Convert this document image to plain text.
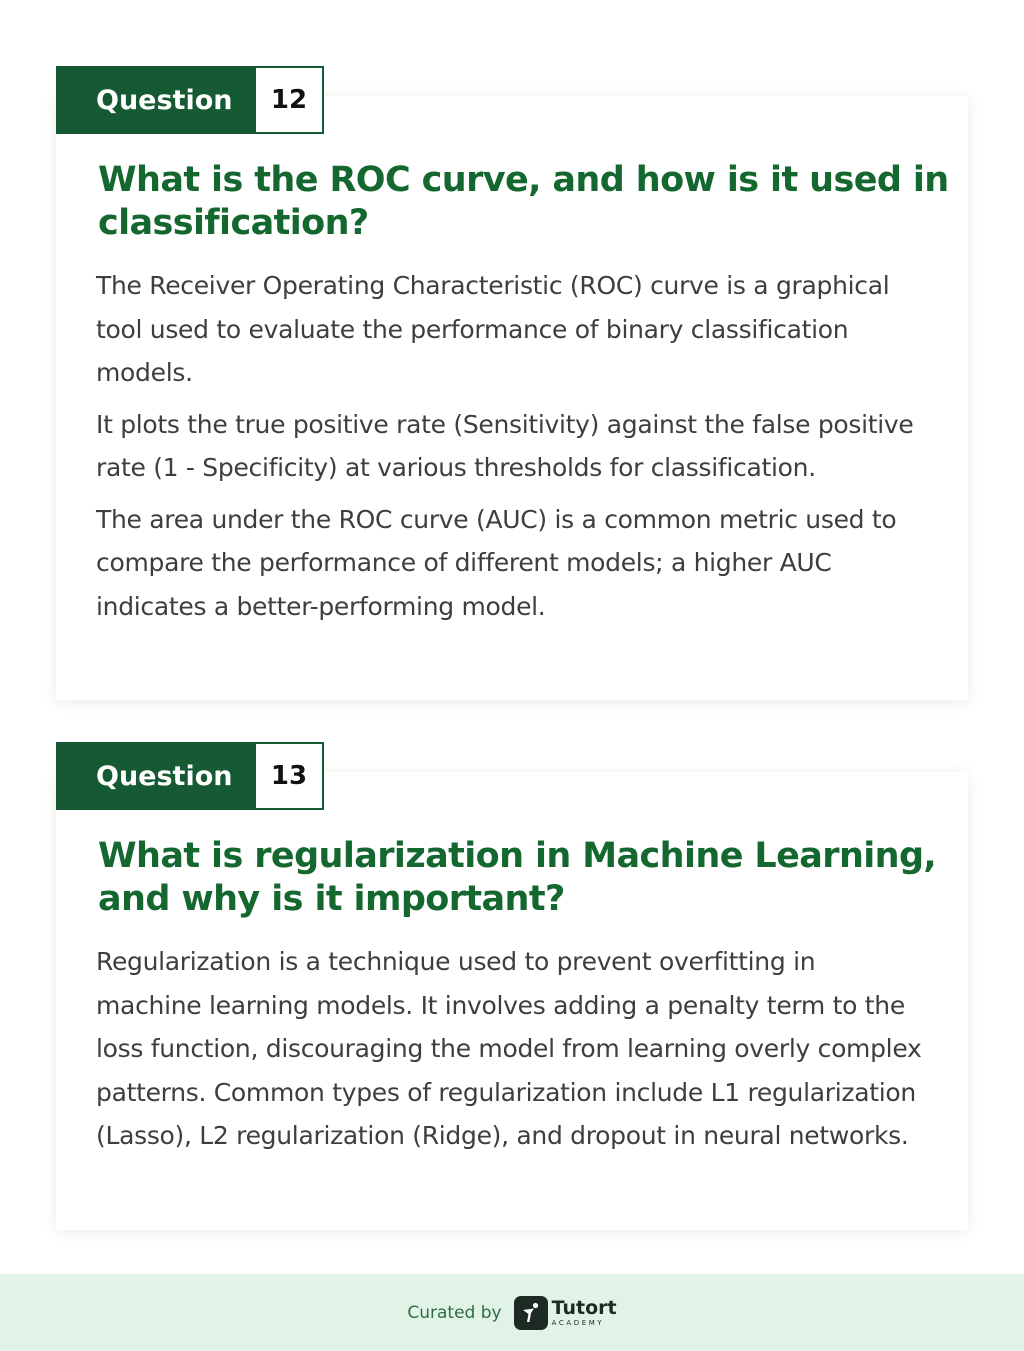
Question	12
What is the ROC curve, and how is it used in classification?

The Receiver Operating Characteristic (ROC) curve is a graphical tool used to evaluate the performance of binary classification models.

It plots the true positive rate (Sensitivity) against the false positive rate (1 - Specificity) at various thresholds for classification.

The area under the ROC curve (AUC) is a common metric used to compare the performance of different models; a higher AUC indicates a better-performing model.

Question	13
What is regularization in Machine Learning, and why is it important?

Regularization is a technique used to prevent overfitting in machine learning models. It involves adding a penalty term to the loss function, discouraging the model from learning overly complex patterns. Common types of regularization include L1 regularization (Lasso), L2 regularization (Ridge), and dropout in neural networks.

Curated by	Tutort
ACADEMY
